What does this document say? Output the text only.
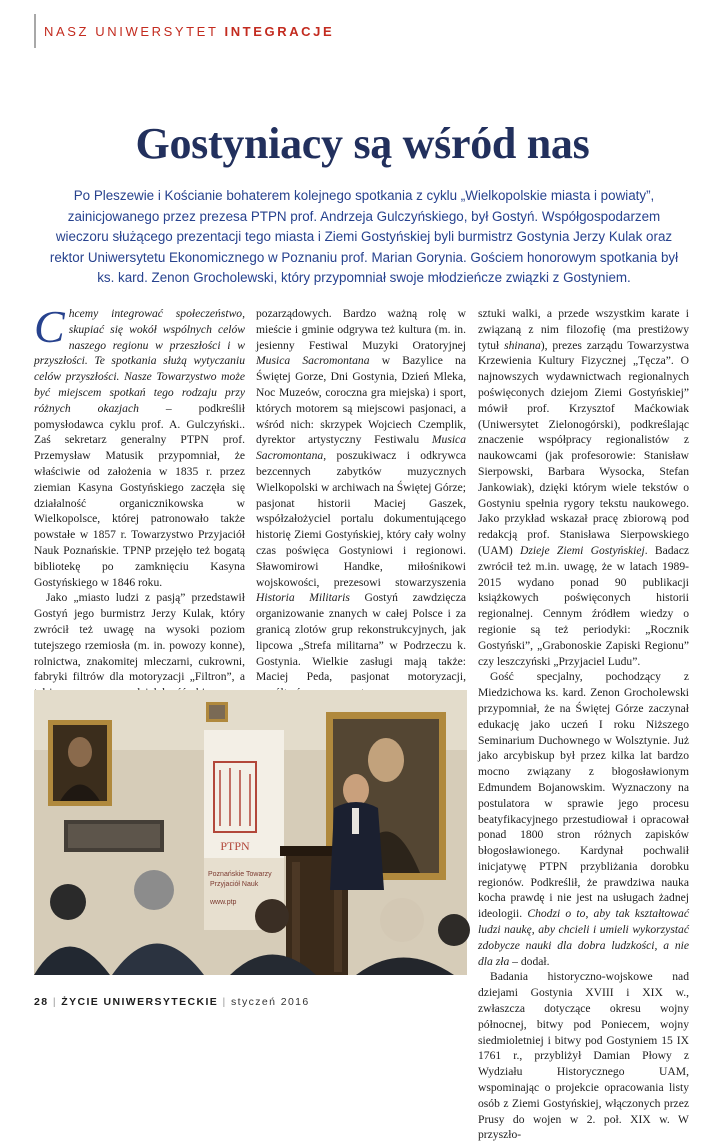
NASZ UNIWERSYTET INTEGRACJE
Gostyniacy są wśród nas

Po Pleszewie i Kościanie bohaterem kolejnego spotkania z cyklu „Wielkopolskie miasta i powiaty”, zainicjowanego przez prezesa PTPN prof. Andrzeja Gulczyńskiego, był Gostyń. Współgospodarzem wieczoru służącego prezentacji tego miasta i Ziemi Gostyńskiej byli burmistrz Gostynia Jerzy Kulak oraz rektor Uniwersytetu Ekonomicznego w Poznaniu prof. Marian Gorynia. Gościem honorowym spotkania był ks. kard. Zenon Grocholewski, który przypomniał swoje młodzieńcze związki z Gostyniem.

Chcemy integrować społeczeństwo, skupiać się wokół wspólnych celów naszego regionu w przeszłości i w przyszłości. Te spotkania służą wytyczaniu celów przyszłości. Nasze Towarzystwo może być miejscem spotkań tego rodzaju przy różnych okazjach – podkreślił pomysłodawca cyklu prof. A. Gulczyński.. Zaś sekretarz generalny PTPN prof. Przemysław Matusik przypomniał, że właściwie od założenia w 1835 r. przez ziemian Kasyna Gostyńskiego zaczęła się działalność organicznikowska w Wielkopolsce, której patronowało także powstałe w 1857 r. Towarzystwo Przyjaciół Nauk Poznańskie. TPNP przejęło też bogatą bibliotekę po zamknięciu Kasyna Gostyńskiego w 1846 roku.

Jako „miasto ludzi z pasją” przedstawił Gostyń jego burmistrz Jerzy Kulak, który zwrócił też uwagę na wysoki poziom tutejszego rzemiosła (m. in. powozy konne), rolnictwa, znakomitej mleczarni, cukrowni, fabryki filtrów dla motoryzacji „Filtron”, a

pozarządowych. Bardzo ważną rolę w mieście i gminie odgrywa też kultura (m. in. jesienny Festiwal Muzyki Oratoryjnej Musica Sacromontana w Bazylice na Świętej Gorze, Dni Gostynia, Dzień Mleka, Noc Muzeów, coroczna gra miejska) i sport, których motorem są miejscowi pasjonaci, a wśród nich: skrzypek Wojciech Czemplik, dyrektor artystyczny Festiwalu Musica Sacromontana, poszukiwacz i odkrywca bezcennych zabytków muzycznych Wielkopolski w archiwach na Świętej Górze; pasjonat historii Maciej Gaszek, współzałożyciel portalu dokumentującego historię Ziemi Gostyńskiej, który cały wolny czas poświęca Gostyniowi i regionowi. Sławomirowi Handke, miłośnikowi wojskowości, prezesowi stowarzyszenia Historia Militaris Gostyń zawdzięcza organizowanie znanych w całej Polsce i za granicą zlotów grup rekonstrukcyjnych, jak lipcowa „Strefa militarna” w Podrzeczu k. Gostynia. Wielkie zasługi mają także: Maciej Peda, pasjonat motoryzacji,

sztuki walki, a przede wszystkim karate i związaną z nim filozofię (ma prestiżowy tytuł shinana), prezes zarządu Towarzystwa Krzewienia Kultury Fizycznej „Tęcza”. O najnowszych wydawnictwach regionalnych poświęconych dziejom Ziemi Gostyńskiej” mówił prof. Krzysztof Maćkowiak (Uniwersytet Zielonogórski), podkreślając znaczenie współpracy regionalistów z naukowcami (jak profesorowie: Stanisław Sierpowski, Barbara Wysocka, Stefan Jankowiak), dzięki którym wiele tekstów o Gostyniu spełnia rygory tekstu naukowego. Jako przykład wskazał pracę zbiorową pod redakcją prof. Stanisława Sierpowskiego (UAM) Dzieje Ziemi Gostyńskiej. Badacz zwrócił też m.in. uwagę, że w latach 1989-2015 wydano ponad 90 publikacji książkowych poświęconych historii regionalnej. Cennym źródłem wiedzy o regionie są też periodyki: „Rocznik Gostyński”, „Grabonoskie Zapiski Regionu” czy leszczyński „Przyjaciel Ludu”.

Gość specjalny, pochodzący z Miedzichowa ks. kard. Zenon Grocholewski przypomniał, że na Świętej Górze zaczynał edukację jako uczeń I roku Niższego Seminarium Duchownego w Wolsztynie. Już jako arcybiskup był przez kilka lat bardzo mocno związany z błogosławionym Edmundem Bojanowskim. Wyznaczony na postulatora w sprawie jego procesu beatyfikacyjnego przestudiował i opracował ponad 1800 stron różnych zapisków błogosławionego. Kardynał pochwalił inicjatywę PTPN przybliżania dorobku regionów. Podkreślił, że prawdziwa nauka kocha prawdę i nie jest na usługach żadnej ideologii. Chodzi o to, aby tak kształtować ludzi naukę, aby chcieli i umieli wykorzystać zdobycze nauki dla dobra ludzkości, a nie dla zła – dodał.

Badania historyczno-wojskowe nad dziejami Gostynia XVIII i XIX w., zwłaszcza dotyczące okresu wojny północnej, bitwy pod Poniecem, wojny siedmioletniej i bitwy pod Gostyniem 15 IX 1761 r., przybliżył Damian Płowy z Wydziału Historycznego UAM, wspominając o projekcie opracowania listy osób z Ziemi Gostyńskiej, włączonych przez Prusy do wojen w 2. poł. XIX w. W przyszło-

PTPN
Poznańskie Towarzy
Przyjaciół Nauk
www.ptp
28 | ŻYCIE UNIWERSYTECKIE | styczeń 2016
